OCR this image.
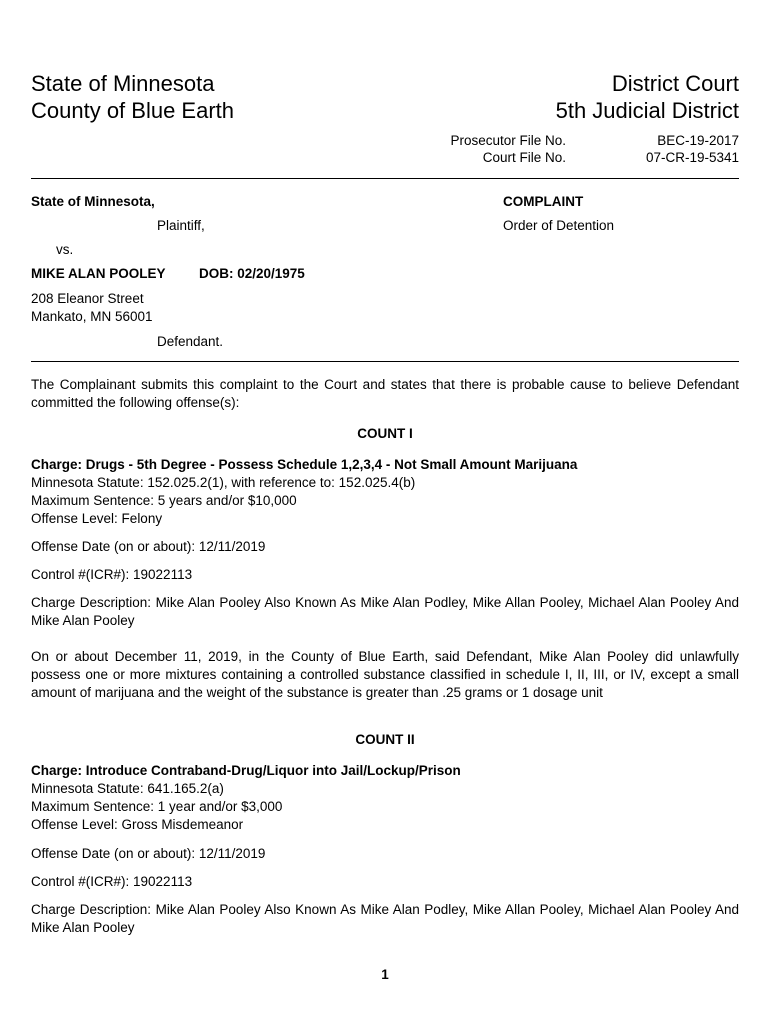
State of Minnesota
County of Blue Earth
District Court
5th Judicial District
Prosecutor File No.	BEC-19-2017
Court File No.	07-CR-19-5341
State of Minnesota,
Plaintiff,
vs.
MIKE ALAN POOLEY DOB: 02/20/1975
208 Eleanor Street
Mankato, MN 56001
Defendant.
COMPLAINT
Order of Detention
The Complainant submits this complaint to the Court and states that there is probable cause to believe Defendant committed the following offense(s):
COUNT I
Charge: Drugs - 5th Degree - Possess Schedule 1,2,3,4 - Not Small Amount Marijuana
Minnesota Statute: 152.025.2(1), with reference to: 152.025.4(b)
Maximum Sentence: 5 years and/or $10,000
Offense Level: Felony
Offense Date (on or about): 12/11/2019
Control #(ICR#): 19022113
Charge Description: Mike Alan Pooley Also Known As Mike Alan Podley, Mike Allan Pooley, Michael Alan Pooley And Mike Alan Pooley
On or about December 11, 2019, in the County of Blue Earth, said Defendant, Mike Alan Pooley did unlawfully possess one or more mixtures containing a controlled substance classified in schedule I, II, III, or IV, except a small amount of marijuana and the weight of the substance is greater than .25 grams or 1 dosage unit
COUNT II
Charge: Introduce Contraband-Drug/Liquor into Jail/Lockup/Prison
Minnesota Statute: 641.165.2(a)
Maximum Sentence: 1 year and/or $3,000
Offense Level: Gross Misdemeanor
Offense Date (on or about): 12/11/2019
Control #(ICR#): 19022113
Charge Description: Mike Alan Pooley Also Known As Mike Alan Podley, Mike Allan Pooley, Michael Alan Pooley And Mike Alan Pooley
1
